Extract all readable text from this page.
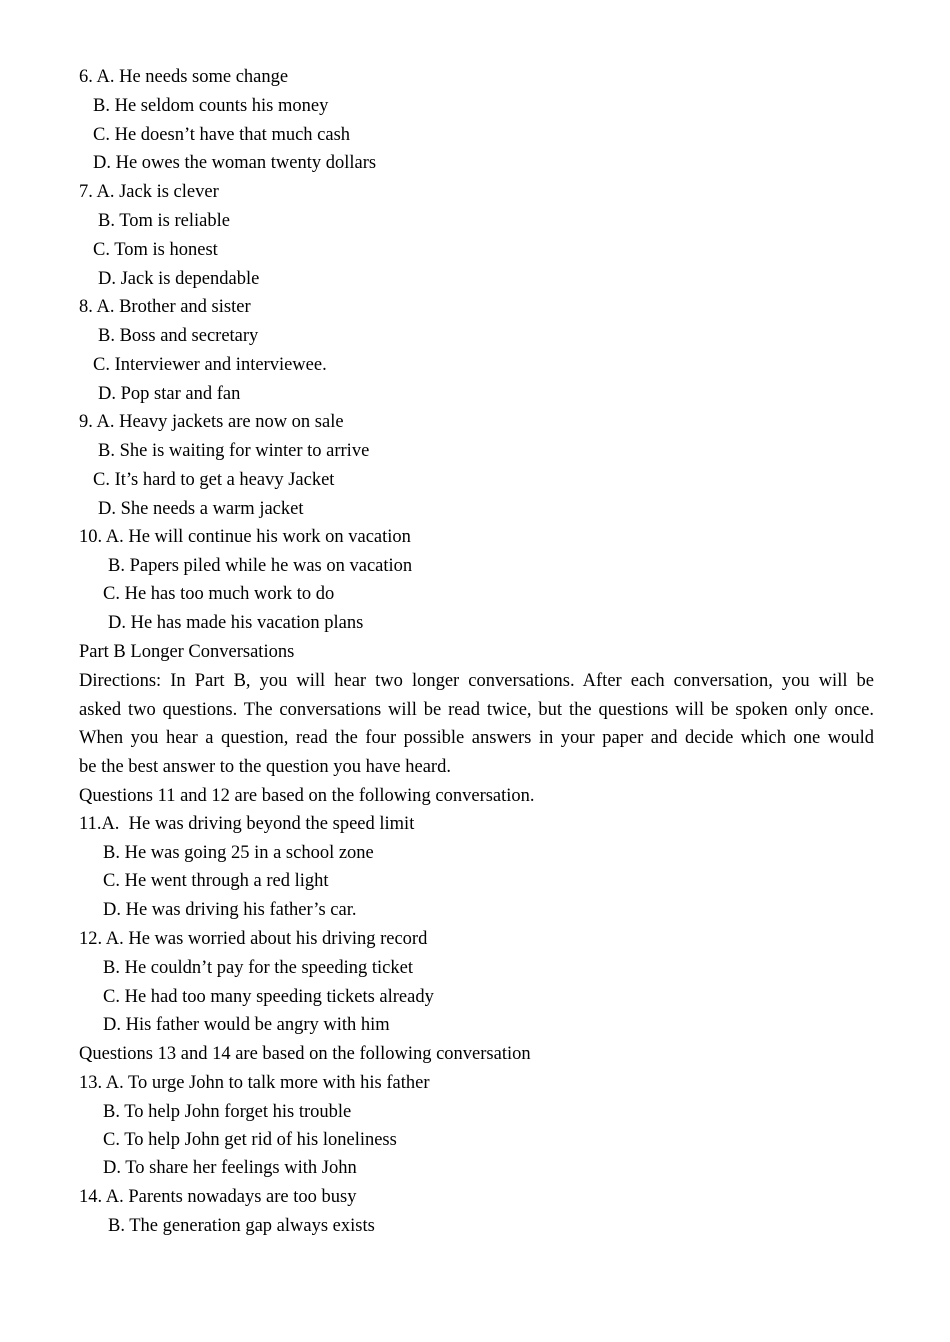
6. A. He needs some change
B. He seldom counts his money
C. He doesn’t have that much cash
D. He owes the woman twenty dollars
7. A. Jack is clever
B. Tom is reliable
C. Tom is honest
D. Jack is dependable
8. A. Brother and sister
B. Boss and secretary
C. Interviewer and interviewee.
D. Pop star and fan
9. A. Heavy jackets are now on sale
B. She is waiting for winter to arrive
C. It’s hard to get a heavy Jacket
D. She needs a warm jacket
10. A. He will continue his work on vacation
B. Papers piled while he was on vacation
C. He has too much work to do
D. He has made his vacation plans
Part B Longer Conversations
Directions: In Part B, you will hear two longer conversations. After each conversation, you will be
asked two questions. The conversations will be read twice, but the questions will be spoken only once.
When you hear a question, read the four possible answers in your paper and decide which one would
be the best answer to the question you have heard.
Questions 11 and 12 are based on the following conversation.
11.A.  He was driving beyond the speed limit
B. He was going 25 in a school zone
C. He went through a red light
D. He was driving his father’s car.
12. A. He was worried about his driving record
B. He couldn’t pay for the speeding ticket
C. He had too many speeding tickets already
D. His father would be angry with him
Questions 13 and 14 are based on the following conversation
13. A. To urge John to talk more with his father
B. To help John forget his trouble
C. To help John get rid of his loneliness
D. To share her feelings with John
14. A. Parents nowadays are too busy
B. The generation gap always exists
